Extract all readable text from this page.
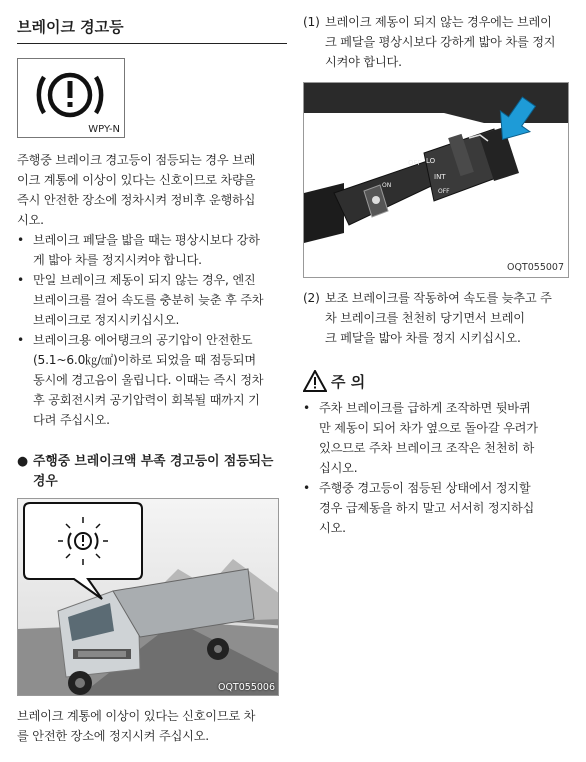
브레이크 경고등
WPY-N
주행중 브레이크 경고등이 점등되는 경우 브레
이크 계통에 이상이 있다는 신호이므로 차량을
즉시 안전한 장소에 정차시켜 정비후 운행하십
시오.
• 브레이크 페달을 밟을 때는 평상시보다 강하
게 밟아 차를 정지시켜야 합니다.
• 만일 브레이크 제동이 되지 않는 경우, 엔진
브레이크를 걸어 속도를 충분히 늦춘 후 주차
브레이크로 정지시키십시오.
• 브레이크용 에어탱크의 공기압이 안전한도
(5.1~6.0㎏/㎠)이하로 되었을 때 점등되며
동시에 경고음이 울립니다. 이때는 즉시 정차
후 공회전시켜 공기압력이 회복될 때까지 기
다려 주십시오.
● 주행중 브레이크액 부족 경고등이 점등되는
경우
OQT055006
브레이크 계통에 이상이 있다는 신호이므로 차
를 안전한 장소에 정지시켜 주십시오.
(1) 브레이크 제동이 되지 않는 경우에는 브레이
크 페달을 평상시보다 강하게 밟아 차를 정지
시켜야 합니다.
OFF LO
INT
ON
OFF
OQT055007
(2) 보조 브레이크를 작동하여 속도를 늦추고 주
차 브레이크를 천천히 당기면서 브레이
크 페달을 밟아 차를 정지 시키십시오.
주 의
• 주차 브레이크를 급하게 조작하면 뒷바퀴
만 제동이 되어 차가 옆으로 돌아갈 우려가
있으므로 주차 브레이크 조작은 천천히 하
십시오.
• 주행중 경고등이 점등된 상태에서 정지할
경우 급제동을 하지 말고 서서히 정지하십
시오.
